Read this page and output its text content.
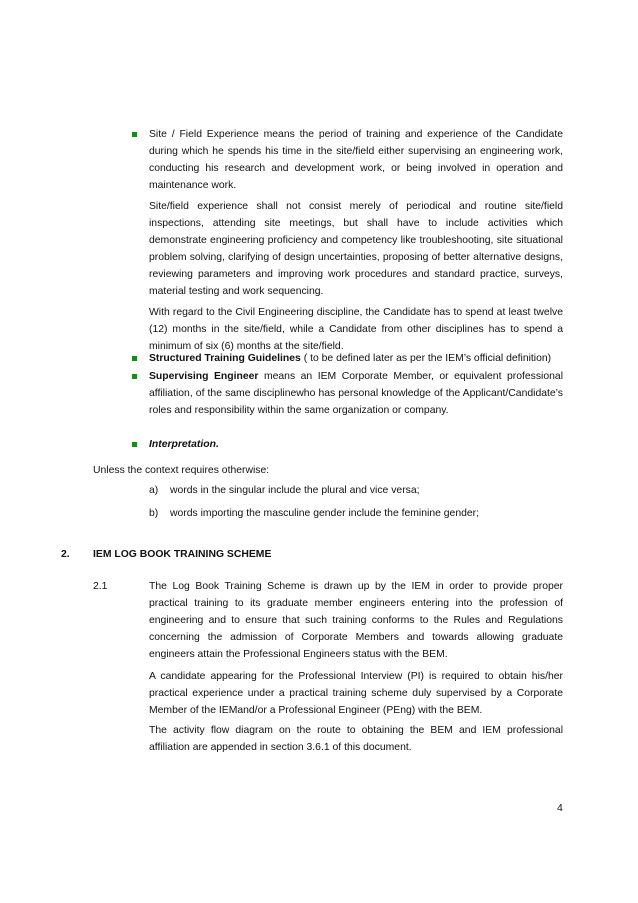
Site / Field Experience means the period of training and experience of the Candidate during which he spends his time in the site/field either supervising an engineering work, conducting his research and development work, or being involved in operation and maintenance work.
Site/field experience shall not consist merely of periodical and routine site/field inspections, attending site meetings, but shall have to include activities which demonstrate engineering proficiency and competency like troubleshooting, site situational problem solving, clarifying of design uncertainties, proposing of better alternative designs, reviewing parameters and improving work procedures and standard practice, surveys, material testing and work sequencing.
With regard to the Civil Engineering discipline, the Candidate has to spend at least twelve (12) months in the site/field, while a Candidate from other disciplines has to spend a minimum of six (6) months at the site/field.
Structured Training Guidelines ( to be defined later as per the IEM’s official definition)
Supervising Engineer means an IEM Corporate Member, or equivalent professional affiliation, of the same disciplinewho has personal knowledge of the Applicant/Candidate’s roles and responsibility within the same organization or company.
Interpretation.
Unless the context requires otherwise:
a) words in the singular include the plural and vice versa;
b) words importing the masculine gender include the feminine gender;
2. IEM LOG BOOK TRAINING SCHEME
2.1	The Log Book Training Scheme is drawn up by the IEM in order to provide proper practical training to its graduate member engineers entering into the profession of engineering and to ensure that such training conforms to the Rules and Regulations concerning the admission of Corporate Members and towards allowing graduate engineers attain the Professional Engineers status with the BEM.
A candidate appearing for the Professional Interview (PI) is required to obtain his/her practical experience under a practical training scheme duly supervised by a Corporate Member of the IEMand/or a Professional Engineer (PEng) with the BEM.
The activity flow diagram on the route to obtaining the BEM and IEM professional affiliation are appended in section 3.6.1 of this document.
4
